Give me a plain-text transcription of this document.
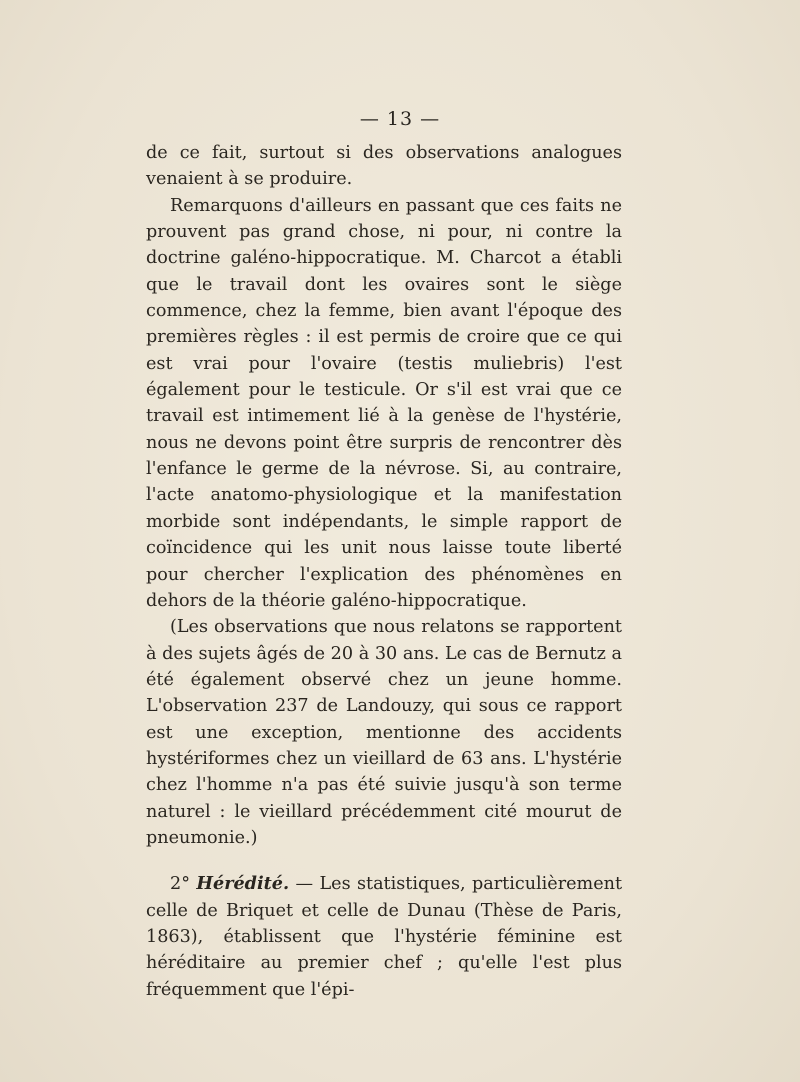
— 13 —

de ce fait, surtout si des observations analogues venaient à se produire.

Remarquons d'ailleurs en passant que ces faits ne prouvent pas grand chose, ni pour, ni contre la doctrine galéno-hippocratique. M. Charcot a établi que le travail dont les ovaires sont le siège commence, chez la femme, bien avant l'époque des premières règles : il est permis de croire que ce qui est vrai pour l'ovaire (testis muliebris) l'est également pour le testicule. Or s'il est vrai que ce travail est intimement lié à la genèse de l'hystérie, nous ne devons point être surpris de rencontrer dès l'enfance le germe de la névrose. Si, au contraire, l'acte anatomo-physiologique et la manifestation morbide sont indépendants, le simple rapport de coïncidence qui les unit nous laisse toute liberté pour chercher l'explication des phénomènes en dehors de la théorie galéno-hippocratique.

(Les observations que nous relatons se rapportent à des sujets âgés de 20 à 30 ans. Le cas de Bernutz a été également observé chez un jeune homme. L'observation 237 de Landouzy, qui sous ce rapport est une exception, mentionne des accidents hystériformes chez un vieillard de 63 ans. L'hystérie chez l'homme n'a pas été suivie jusqu'à son terme naturel : le vieillard précédemment cité mourut de pneumonie.)

2° Hérédité. — Les statistiques, particulièrement celle de Briquet et celle de Dunau (Thèse de Paris, 1863), établissent que l'hystérie féminine est héréditaire au premier chef ; qu'elle l'est plus fréquemment que l'épi-
